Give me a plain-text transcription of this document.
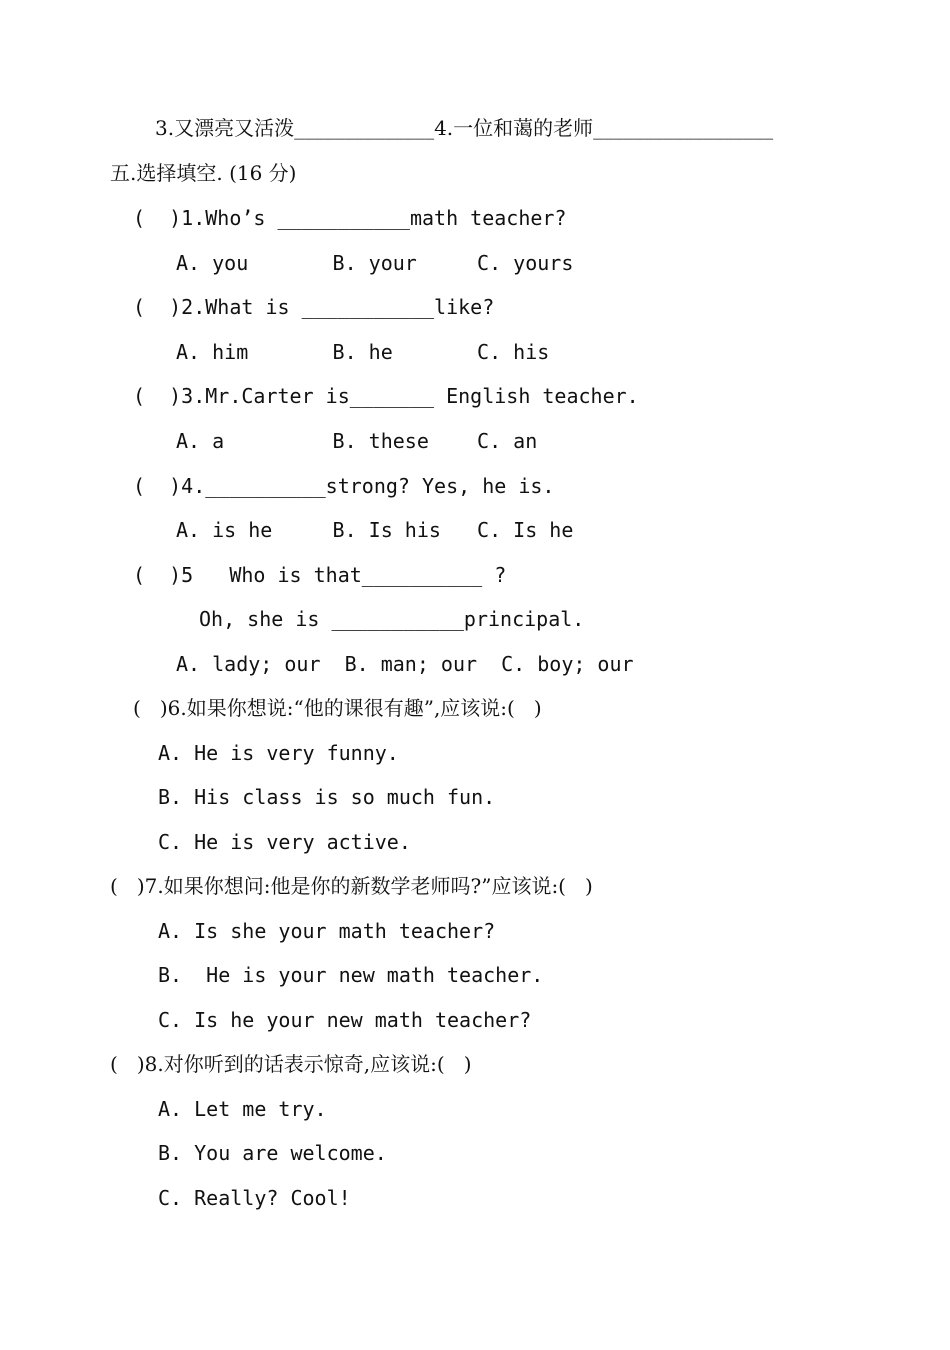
3.又漂亮又活泼______________4.一位和蔼的老师__________________
五.选择填空. (16 分)
(  )1.Who’s ___________math teacher?
A. you       B. your     C. yours
(  )2.What is ___________like?
A. him       B. he       C. his
(  )3.Mr.Carter is_______ English teacher.
A. a         B. these    C. an
(  )4.__________strong? Yes, he is.
A. is he     B. Is his   C. Is he
(  )5   Who is that__________ ?
Oh, she is ___________principal.
A. lady; our  B. man; our  C. boy; our
(   )6.如果你想说:“他的课很有趣”,应该说:(   )
A. He is very funny.
B. His class is so much fun.
C. He is very active.
(   )7.如果你想问:他是你的新数学老师吗?”应该说:(   )
A. Is she your math teacher?
B.  He is your new math teacher.
C. Is he your new math teacher?
(   )8.对你听到的话表示惊奇,应该说:(   )
A. Let me try.
B. You are welcome.
C. Really? Cool!
